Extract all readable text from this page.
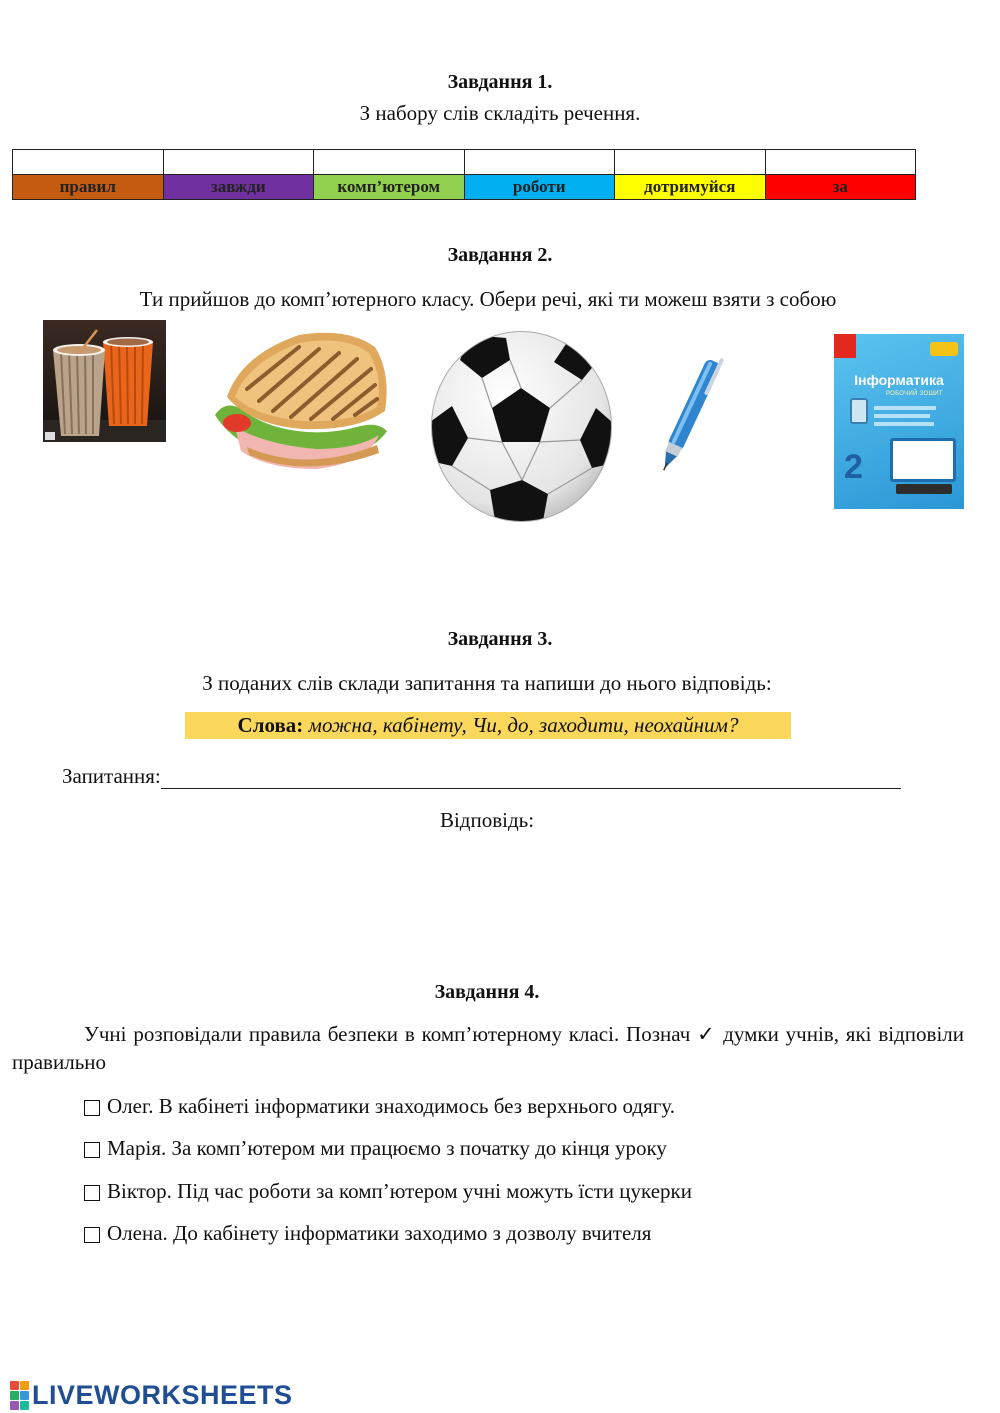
Завдання 1.
З набору слів складіть речення.

правил	завжди	комп’ютером	роботи	дотримуйся	за
Завдання 2.
Ти прийшов до комп’ютерного класу. Обери речі, які ти можеш взяти з собою
Інформатика
РОБОЧИЙ ЗОШИТ
2
Завдання 3.
З поданих слів склади запитання та напиши до нього відповідь:
Слова: можна, кабінету, Чи, до, заходити, неохайним?
Запитання:
Відповідь:
Завдання 4.
Учні розповідали правила безпеки в комп’ютерному класі. Познач ✓ думки учнів, які відповіли правильно
Олег. В кабінеті інформатики знаходимось без верхнього одягу.
Марія. За комп’ютером ми працюємо з початку до кінця уроку
Віктор. Під час роботи за комп’ютером учні можуть їсти цукерки
Олена. До кабінету інформатики заходимо з дозволу вчителя
LIVEWORKSHEETS
